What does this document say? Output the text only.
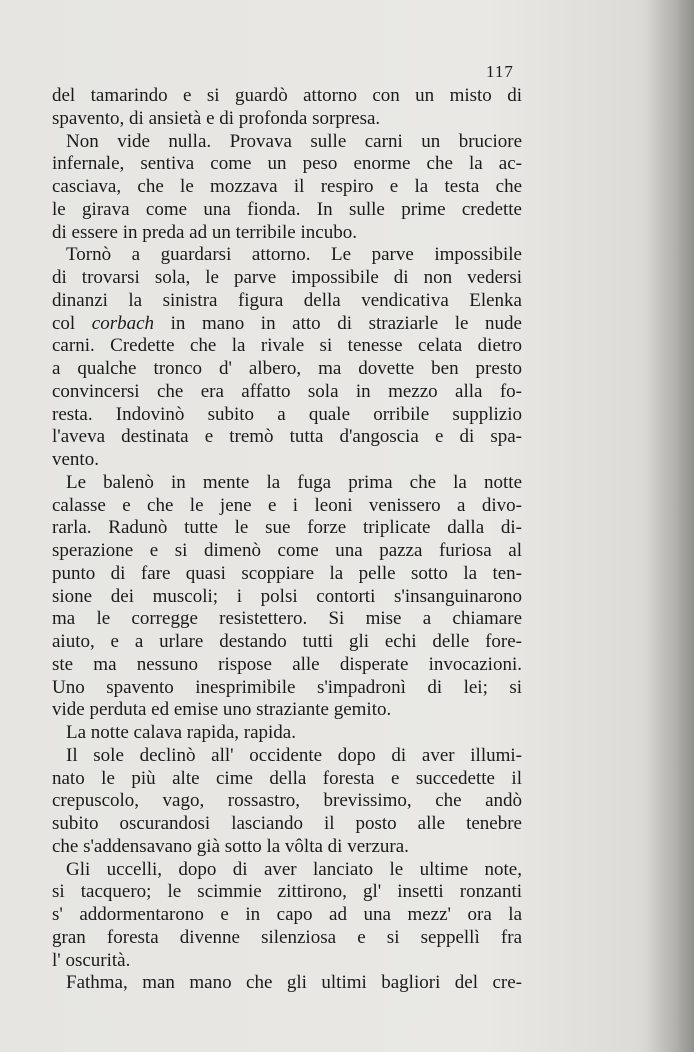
117
del tamarindo e si guardò attorno con un misto di
spavento, di ansietà e di profonda sorpresa.
Non vide nulla. Provava sulle carni un bruciore
infernale, sentiva come un peso enorme che la ac-
casciava, che le mozzava il respiro e la testa che
le girava come una fionda. In sulle prime credette
di essere in preda ad un terribile incubo.
Tornò a guardarsi attorno. Le parve impossibile
di trovarsi sola, le parve impossibile di non vedersi
dinanzi la sinistra figura della vendicativa Elenka
col corbach in mano in atto di straziarle le nude
carni. Credette che la rivale si tenesse celata dietro
a qualche tronco d' albero, ma dovette ben presto
convincersi che era affatto sola in mezzo alla fo-
resta. Indovinò subito a quale orribile supplizio
l'aveva destinata e tremò tutta d'angoscia e di spa-
vento.
Le balenò in mente la fuga prima che la notte
calasse e che le jene e i leoni venissero a divo-
rarla. Radunò tutte le sue forze triplicate dalla di-
sperazione e si dimenò come una pazza furiosa al
punto di fare quasi scoppiare la pelle sotto la ten-
sione dei muscoli; i polsi contorti s'insanguinarono
ma le corregge resistettero. Si mise a chiamare
aiuto, e a urlare destando tutti gli echi delle fore-
ste ma nessuno rispose alle disperate invocazioni.
Uno spavento inesprimibile s'impadronì di lei; si
vide perduta ed emise uno straziante gemito.
La notte calava rapida, rapida.
Il sole declinò all' occidente dopo di aver illumi-
nato le più alte cime della foresta e succedette il
crepuscolo, vago, rossastro, brevissimo, che andò
subito oscurandosi lasciando il posto alle tenebre
che s'addensavano già sotto la vôlta di verzura.
Gli uccelli, dopo di aver lanciato le ultime note,
si tacquero; le scimmie zittirono, gl' insetti ronzanti
s' addormentarono e in capo ad una mezz' ora la
gran foresta divenne silenziosa e si seppellì fra
l' oscurità.
Fathma, man mano che gli ultimi bagliori del cre-
